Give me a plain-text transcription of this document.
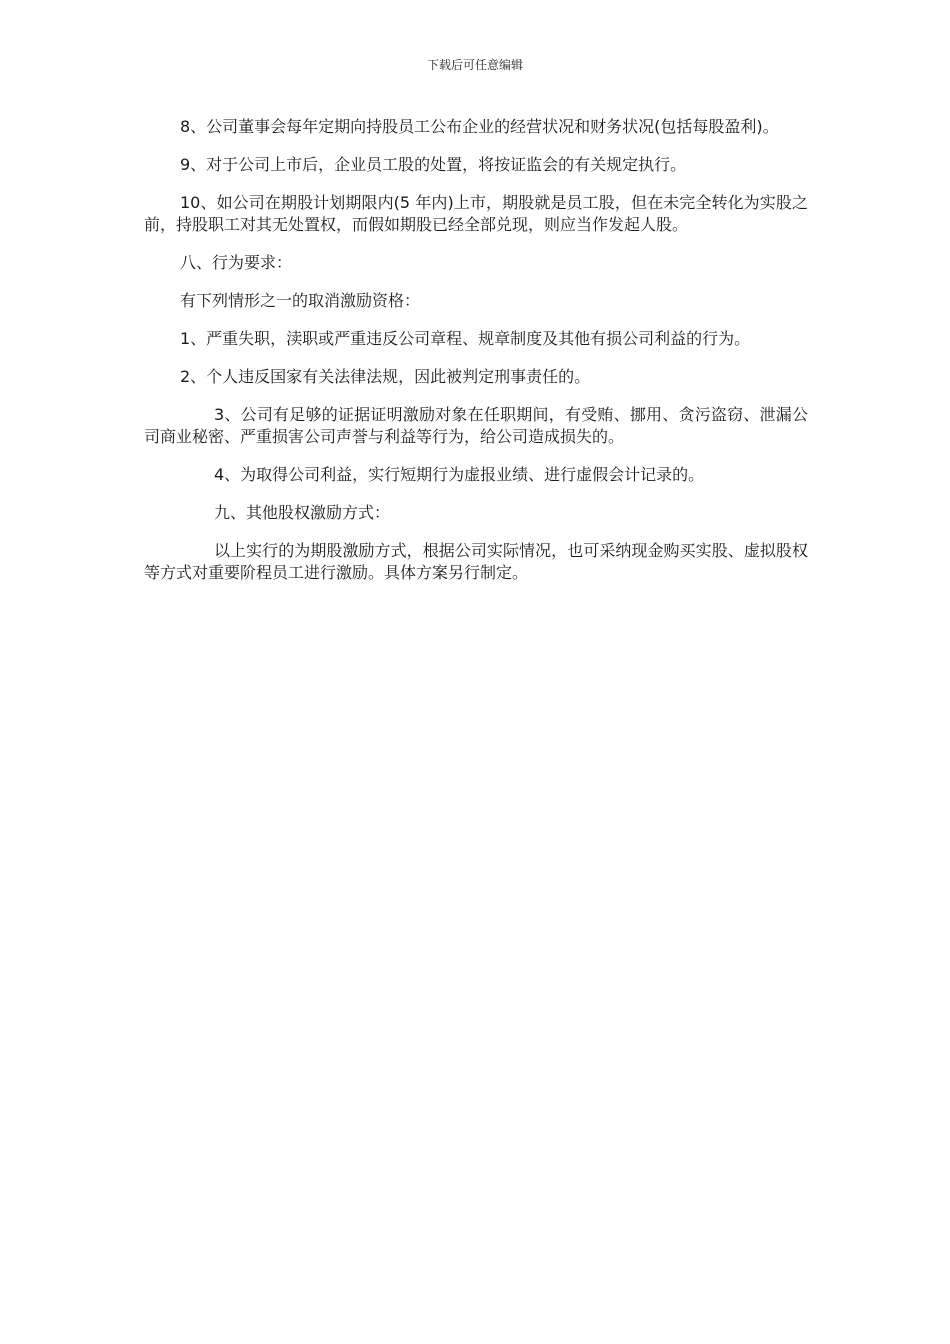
下载后可任意编辑

8、公司董事会每年定期向持股员工公布企业的经营状况和财务状况(包括每股盈利)。

9、对于公司上市后，企业员工股的处置，将按证监会的有关规定执行。

10、如公司在期股计划期限内(5 年内)上市，期股就是员工股，但在未完全转化为实股之前，持股职工对其无处置权，而假如期股已经全部兑现，则应当作发起人股。

八、行为要求：

有下列情形之一的取消激励资格：

1、严重失职，渎职或严重违反公司章程、规章制度及其他有损公司利益的行为。

2、个人违反国家有关法律法规，因此被判定刑事责任的。

3、公司有足够的证据证明激励对象在任职期间，有受贿、挪用、贪污盗窃、泄漏公司商业秘密、严重损害公司声誉与利益等行为，给公司造成损失的。

4、为取得公司利益，实行短期行为虚报业绩、进行虚假会计记录的。

九、其他股权激励方式：

以上实行的为期股激励方式，根据公司实际情况，也可采纳现金购买实股、虚拟股权等方式对重要阶程员工进行激励。具体方案另行制定。
